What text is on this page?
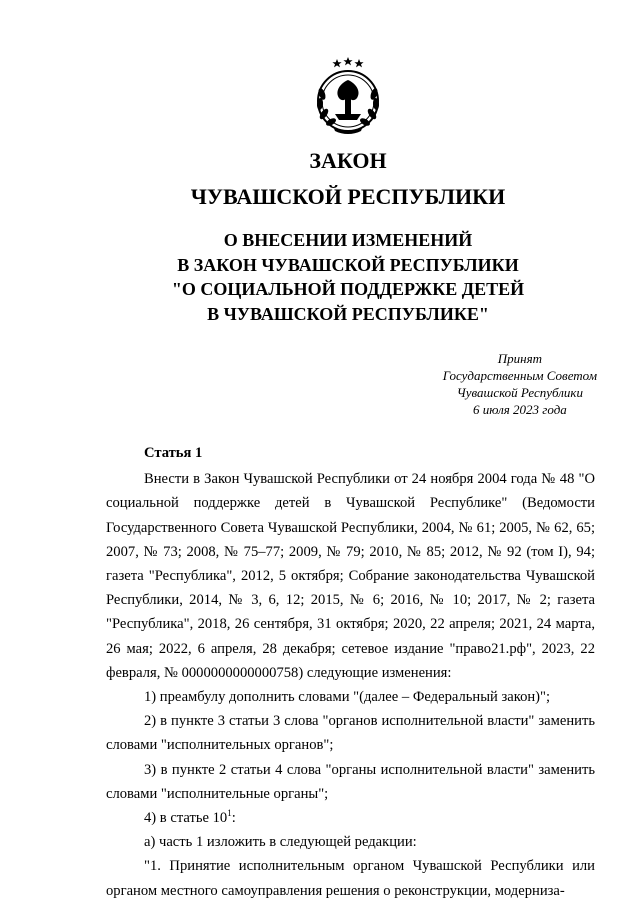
ЗАКОН
ЧУВАШСКОЙ РЕСПУБЛИКИ
О ВНЕСЕНИИ ИЗМЕНЕНИЙ
В ЗАКОН ЧУВАШСКОЙ РЕСПУБЛИКИ
"О СОЦИАЛЬНОЙ ПОДДЕРЖКЕ ДЕТЕЙ
В ЧУВАШСКОЙ РЕСПУБЛИКЕ"
Принят
Государственным Советом
Чувашской Республики
6 июля 2023 года
Статья 1

Внести в Закон Чувашской Республики от 24 ноября 2004 года № 48 "О социальной поддержке детей в Чувашской Республике" (Ведомости Государственного Совета Чувашской Республики, 2004, № 61; 2005, № 62, 65; 2007, № 73; 2008, № 75–77; 2009, № 79; 2010, № 85; 2012, № 92 (том I), 94; газета "Республика", 2012, 5 октября; Собрание законодательства Чувашской Республики, 2014, № 3, 6, 12; 2015, № 6; 2016, № 10; 2017, № 2; газета "Республика", 2018, 26 сентября, 31 октября; 2020, 22 апреля; 2021, 24 марта, 26 мая; 2022, 6 апреля, 28 декабря; сетевое издание "право21.рф", 2023, 22 февраля, № 0000000000000758) следующие изменения:

1) преамбулу дополнить словами "(далее – Федеральный закон)";

2) в пункте 3 статьи 3 слова "органов исполнительной власти" заменить словами "исполнительных органов";

3) в пункте 2 статьи 4 слова "органы исполнительной власти" заменить словами "исполнительные органы";

4) в статье $10^1$:

а) часть 1 изложить в следующей редакции:

"1. Принятие исполнительным органом Чувашской Республики или органом местного самоуправления решения о реконструкции, модерниза-
